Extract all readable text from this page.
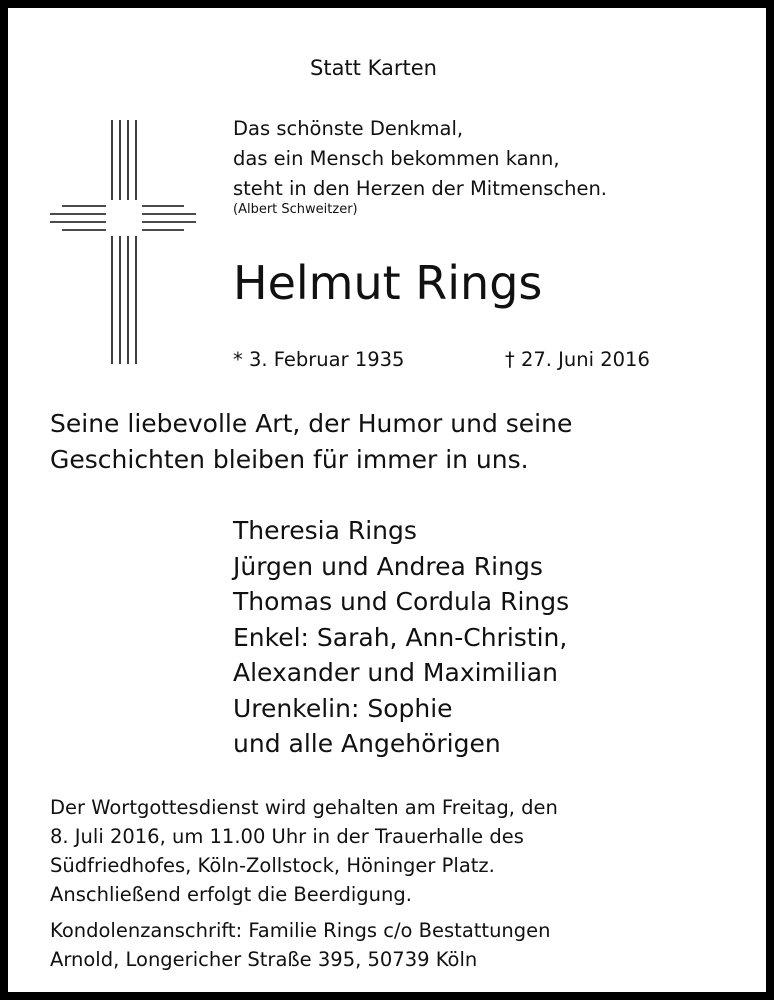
Statt Karten
Das schönste Denkmal,
das ein Mensch bekommen kann,
steht in den Herzen der Mitmenschen.
(Albert Schweitzer)
Helmut Rings
* 3. Februar 1935	† 27. Juni 2016
Seine liebevolle Art, der Humor und seine
Geschichten bleiben für immer in uns.
Theresia Rings
Jürgen und Andrea Rings
Thomas und Cordula Rings
Enkel: Sarah, Ann-Christin,
Alexander und Maximilian
Urenkelin: Sophie
und alle Angehörigen
Der Wortgottesdienst wird gehalten am Freitag, den
8. Juli 2016, um 11.00 Uhr in der Trauerhalle des
Südfriedhofes, Köln-Zollstock, Höninger Platz.
Anschließend erfolgt die Beerdigung.
Kondolenzanschrift: Familie Rings c/o Bestattungen
Arnold, Longericher Straße 395, 50739 Köln
